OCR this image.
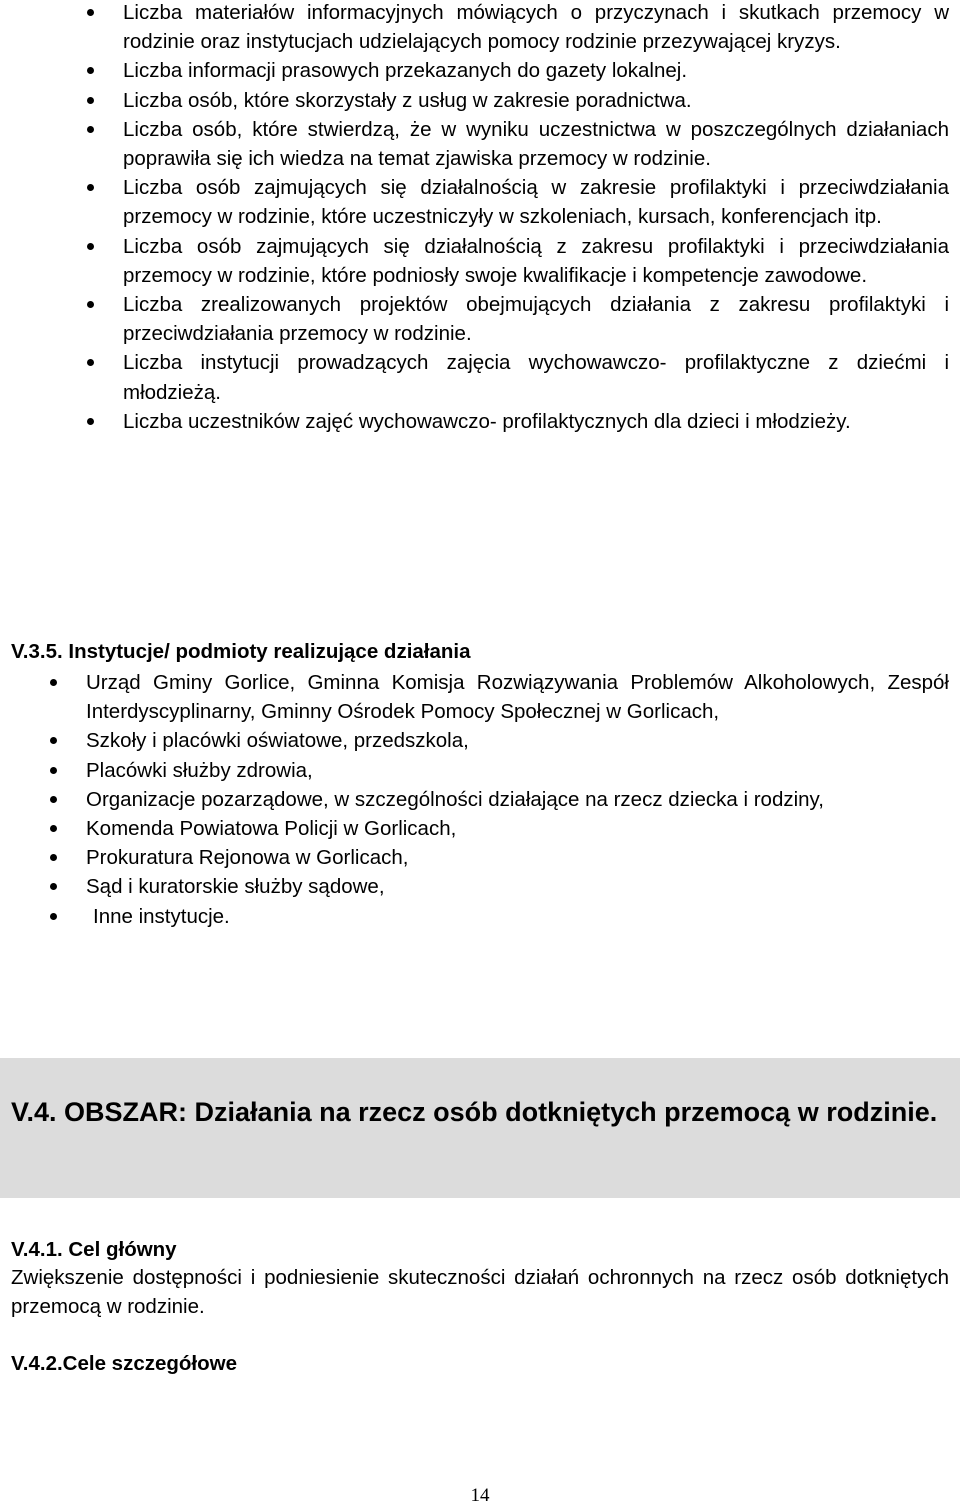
Liczba materiałów informacyjnych mówiących o przyczynach i skutkach przemocy w rodzinie oraz instytucjach udzielających pomocy rodzinie przezywającej kryzys.
Liczba informacji prasowych przekazanych do gazety lokalnej.
Liczba osób, które skorzystały z usług w zakresie poradnictwa.
Liczba osób, które stwierdzą, że w wyniku uczestnictwa w poszczególnych działaniach poprawiła się ich wiedza na temat zjawiska przemocy w rodzinie.
Liczba osób zajmujących się działalnością w zakresie profilaktyki i przeciwdziałania przemocy w rodzinie, które uczestniczyły w szkoleniach, kursach, konferencjach itp.
Liczba osób zajmujących się działalnością z zakresu profilaktyki i przeciwdziałania przemocy w rodzinie, które podniosły swoje kwalifikacje i kompetencje zawodowe.
Liczba zrealizowanych projektów obejmujących działania z zakresu profilaktyki i przeciwdziałania przemocy w rodzinie.
Liczba instytucji prowadzących zajęcia wychowawczo- profilaktyczne z dziećmi i młodzieżą.
Liczba uczestników zajęć wychowawczo- profilaktycznych dla dzieci i młodzieży.
V.3.5. Instytucje/ podmioty realizujące działania
Urząd Gminy Gorlice, Gminna Komisja Rozwiązywania Problemów Alkoholowych, Zespół Interdyscyplinarny, Gminny Ośrodek Pomocy Społecznej w Gorlicach,
Szkoły i placówki oświatowe, przedszkola,
Placówki służby zdrowia,
Organizacje pozarządowe, w szczególności działające na rzecz dziecka i rodziny,
Komenda Powiatowa Policji w Gorlicach,
Prokuratura Rejonowa w Gorlicach,
Sąd i kuratorskie służby sądowe,
Inne instytucje.
V.4. OBSZAR: Działania na rzecz osób dotkniętych przemocą w rodzinie.
V.4.1. Cel główny
Zwiększenie dostępności i podniesienie skuteczności działań ochronnych na rzecz osób dotkniętych przemocą w rodzinie.
V.4.2.Cele szczegółowe
14
